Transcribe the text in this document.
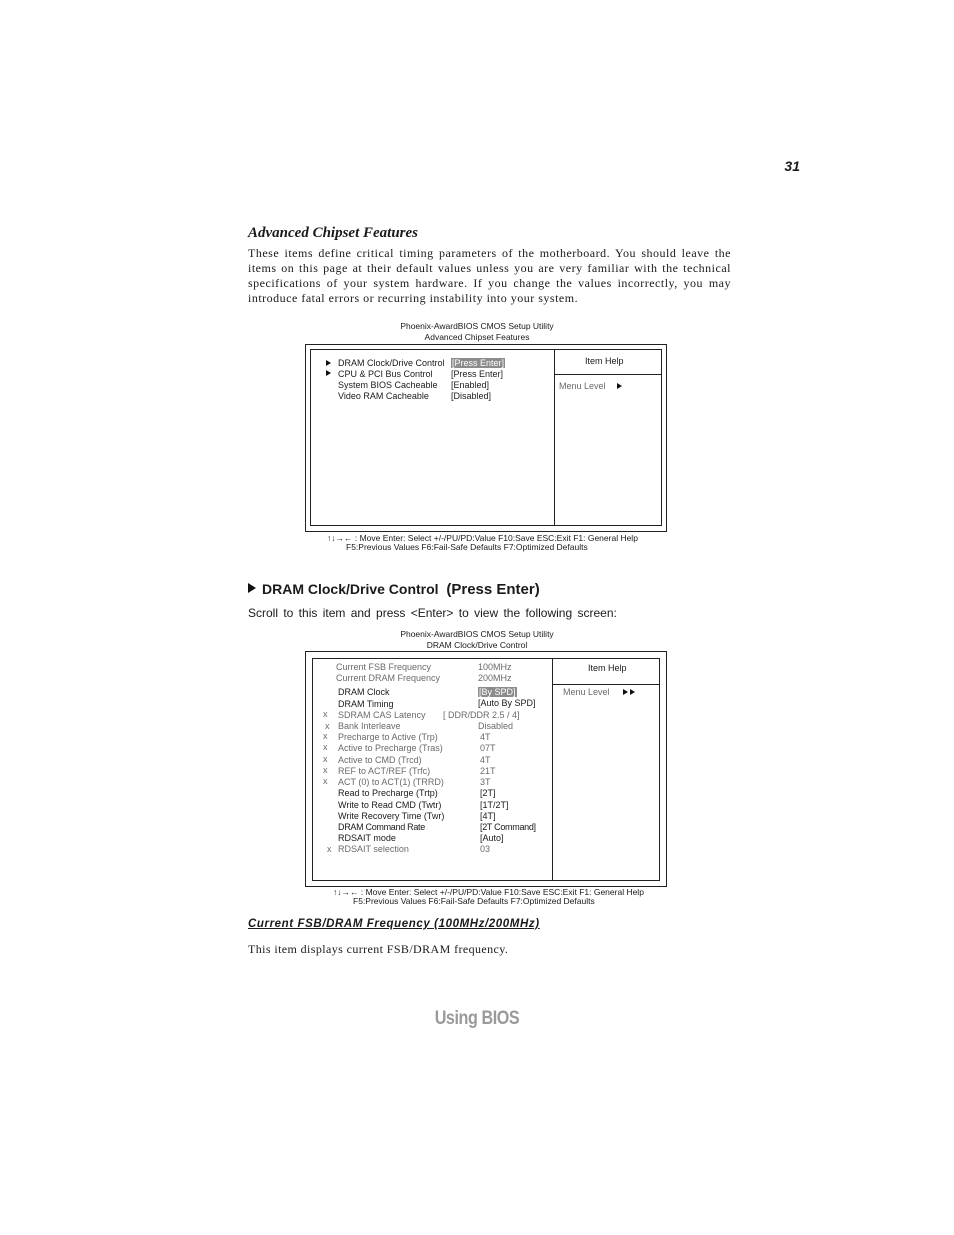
31
Advanced Chipset Features
These items define critical timing parameters of the motherboard. You should leave the items on this page at their default values unless you are very familiar with the technical specifications of your system hardware. If you change the values incorrectly, you may introduce fatal errors or recurring instability into your system.
Phoenix-AwardBIOS CMOS Setup Utility
Advanced Chipset Features
DRAM Clock/Drive Control [Press Enter]
CPU & PCI Bus Control [Press Enter]
System BIOS Cacheable [Enabled]
Video RAM Cacheable [Disabled]
Item Help
Menu Level
↑↓→← : Move Enter: Select +/-/PU/PD:Value F10:Save ESC:Exit F1: General Help
F5:Previous Values F6:Fail-Safe Defaults F7:Optimized Defaults
DRAM Clock/Drive Control (Press Enter)
Scroll to this item and press <Enter> to view the following screen:
Phoenix-AwardBIOS CMOS Setup Utility
DRAM Clock/Drive Control
Current FSB Frequency	100MHz
Current DRAM Frequency	200MHz
DRAM Clock	[By SPD]
DRAM Timing	[Auto By SPD]
x SDRAM CAS Latency [ DDR/DDR 2.5 / 4]
x Bank Interleave	Disabled
x Precharge to Active (Trp)	4T
x Active to Precharge (Tras)	07T
x Active to CMD (Trcd)	4T
x REF to ACT/REF (Trfc)	21T
x ACT (0) to ACT(1) (TRRD)	3T
Read to Precharge (Trtp)	[2T]
Write to Read CMD (Twtr)	[1T/2T]
Write Recovery Time (Twr)	[4T]
DRAM Command Rate	[2T Command]
RDSAIT mode	[Auto]
x RDSAIT selection	03
Item Help
Menu Level
↑↓→← : Move Enter: Select +/-/PU/PD:Value F10:Save ESC:Exit F1: General Help
F5:Previous Values F6:Fail-Safe Defaults F7:Optimized Defaults
Current FSB/DRAM Frequency (100MHz/200MHz)
This item displays current FSB/DRAM frequency.
Using BIOS
